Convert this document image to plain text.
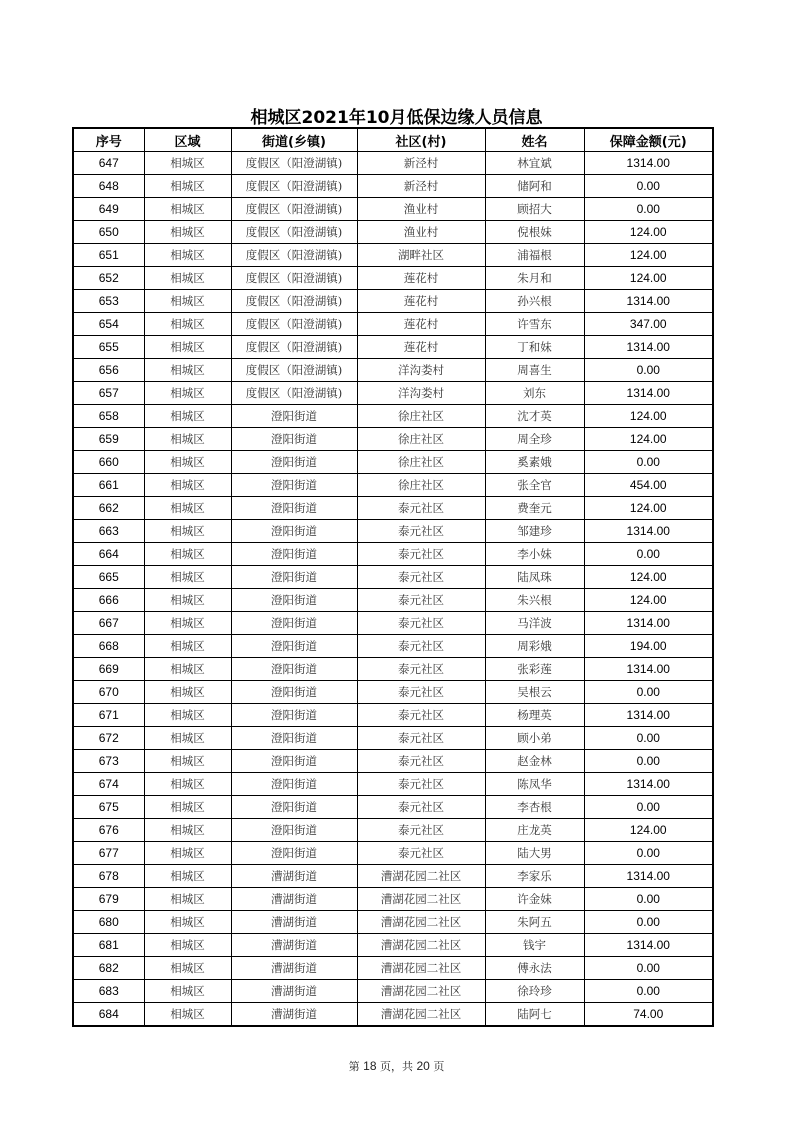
相城区2021年10月低保边缘人员信息
序号	区域	街道(乡镇)	社区(村)	姓名	保障金额(元)
647	相城区	度假区（阳澄湖镇)	新泾村	林宜斌	1314.00
648	相城区	度假区（阳澄湖镇)	新泾村	储阿和	0.00
649	相城区	度假区（阳澄湖镇)	渔业村	顾招大	0.00
650	相城区	度假区（阳澄湖镇)	渔业村	倪根妹	124.00
651	相城区	度假区（阳澄湖镇)	湖畔社区	浦福根	124.00
652	相城区	度假区（阳澄湖镇)	莲花村	朱月和	124.00
653	相城区	度假区（阳澄湖镇)	莲花村	孙兴根	1314.00
654	相城区	度假区（阳澄湖镇)	莲花村	许雪东	347.00
655	相城区	度假区（阳澄湖镇)	莲花村	丁和妹	1314.00
656	相城区	度假区（阳澄湖镇)	洋沟娄村	周喜生	0.00
657	相城区	度假区（阳澄湖镇)	洋沟娄村	刘东	1314.00
658	相城区	澄阳街道	徐庄社区	沈才英	124.00
659	相城区	澄阳街道	徐庄社区	周全珍	124.00
660	相城区	澄阳街道	徐庄社区	奚素娥	0.00
661	相城区	澄阳街道	徐庄社区	张全官	454.00
662	相城区	澄阳街道	泰元社区	费奎元	124.00
663	相城区	澄阳街道	泰元社区	邹建珍	1314.00
664	相城区	澄阳街道	泰元社区	李小妹	0.00
665	相城区	澄阳街道	泰元社区	陆凤珠	124.00
666	相城区	澄阳街道	泰元社区	朱兴根	124.00
667	相城区	澄阳街道	泰元社区	马洋波	1314.00
668	相城区	澄阳街道	泰元社区	周彩娥	194.00
669	相城区	澄阳街道	泰元社区	张彩莲	1314.00
670	相城区	澄阳街道	泰元社区	吴根云	0.00
671	相城区	澄阳街道	泰元社区	杨理英	1314.00
672	相城区	澄阳街道	泰元社区	顾小弟	0.00
673	相城区	澄阳街道	泰元社区	赵金林	0.00
674	相城区	澄阳街道	泰元社区	陈凤华	1314.00
675	相城区	澄阳街道	泰元社区	李杏根	0.00
676	相城区	澄阳街道	泰元社区	庄龙英	124.00
677	相城区	澄阳街道	泰元社区	陆大男	0.00
678	相城区	漕湖街道	漕湖花园二社区	李家乐	1314.00
679	相城区	漕湖街道	漕湖花园二社区	许金妹	0.00
680	相城区	漕湖街道	漕湖花园二社区	朱阿五	0.00
681	相城区	漕湖街道	漕湖花园二社区	钱宇	1314.00
682	相城区	漕湖街道	漕湖花园二社区	傅永法	0.00
683	相城区	漕湖街道	漕湖花园二社区	徐玲珍	0.00
684	相城区	漕湖街道	漕湖花园二社区	陆阿七	74.00
第 18 页，共 20 页
